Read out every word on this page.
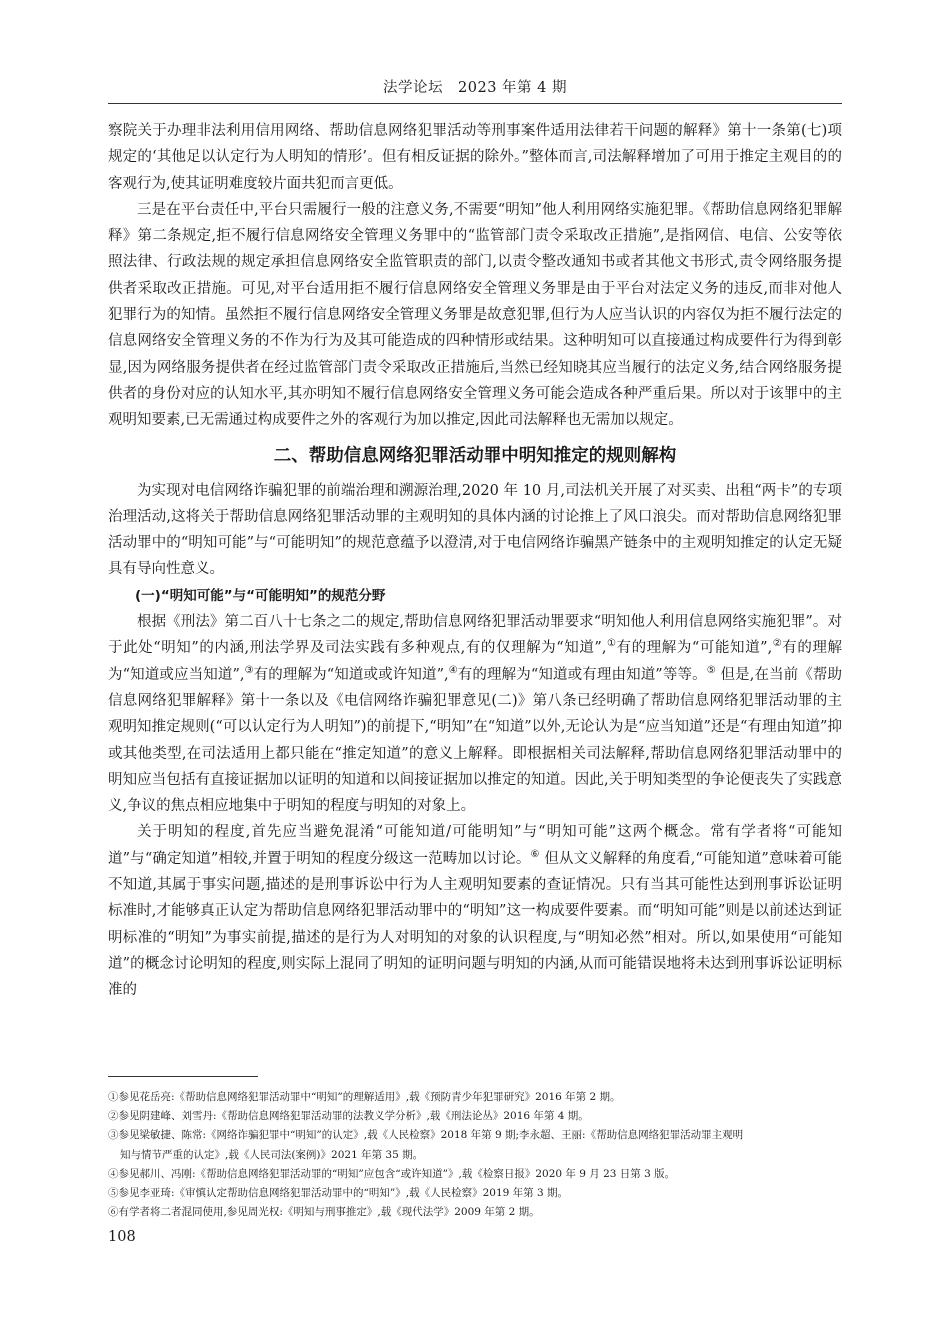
法学论坛　2023 年第 4 期

察院关于办理非法利用信用网络、帮助信息网络犯罪活动等刑事案件适用法律若干问题的解释》第十一条第(七)项规定的‘其他足以认定行为人明知的情形’。但有相反证据的除外。”整体而言,司法解释增加了可用于推定主观目的的客观行为,使其证明难度较片面共犯而言更低。

三是在平台责任中,平台只需履行一般的注意义务,不需要“明知”他人利用网络实施犯罪。《帮助信息网络犯罪解释》第二条规定,拒不履行信息网络安全管理义务罪中的“监管部门责令采取改正措施”,是指网信、电信、公安等依照法律、行政法规的规定承担信息网络安全监管职责的部门,以责令整改通知书或者其他文书形式,责令网络服务提供者采取改正措施。可见,对平台适用拒不履行信息网络安全管理义务罪是由于平台对法定义务的违反,而非对他人犯罪行为的知情。虽然拒不履行信息网络安全管理义务罪是故意犯罪,但行为人应当认识的内容仅为拒不履行法定的信息网络安全管理义务的不作为行为及其可能造成的四种情形或结果。这种明知可以直接通过构成要件行为得到彰显,因为网络服务提供者在经过监管部门责令采取改正措施后,当然已经知晓其应当履行的法定义务,结合网络服务提供者的身份对应的认知水平,其亦明知不履行信息网络安全管理义务可能会造成各种严重后果。所以对于该罪中的主观明知要素,已无需通过构成要件之外的客观行为加以推定,因此司法解释也无需加以规定。

二、帮助信息网络犯罪活动罪中明知推定的规则解构

为实现对电信网络诈骗犯罪的前端治理和溯源治理,2020 年 10 月,司法机关开展了对买卖、出租“两卡”的专项治理活动,这将关于帮助信息网络犯罪活动罪的主观明知的具体内涵的讨论推上了风口浪尖。而对帮助信息网络犯罪活动罪中的“明知可能”与“可能明知”的规范意蕴予以澄清,对于电信网络诈骗黑产链条中的主观明知推定的认定无疑具有导向性意义。

(一)“明知可能”与“可能明知”的规范分野

根据《刑法》第二百八十七条之二的规定,帮助信息网络犯罪活动罪要求“明知他人利用信息网络实施犯罪”。对于此处“明知”的内涵,刑法学界及司法实践有多种观点,有的仅理解为“知道”,①有的理解为“可能知道”,②有的理解为“知道或应当知道”,③有的理解为“知道或或许知道”,④有的理解为“知道或有理由知道”等等。⑤ 但是,在当前《帮助信息网络犯罪解释》第十一条以及《电信网络诈骗犯罪意见(二)》第八条已经明确了帮助信息网络犯罪活动罪的主观明知推定规则(“可以认定行为人明知”)的前提下,“明知”在“知道”以外,无论认为是“应当知道”还是“有理由知道”抑或其他类型,在司法适用上都只能在“推定知道”的意义上解释。即根据相关司法解释,帮助信息网络犯罪活动罪中的明知应当包括有直接证据加以证明的知道和以间接证据加以推定的知道。因此,关于明知类型的争论便丧失了实践意义,争议的焦点相应地集中于明知的程度与明知的对象上。

关于明知的程度,首先应当避免混淆“可能知道/可能明知”与“明知可能”这两个概念。常有学者将“可能知道”与“确定知道”相较,并置于明知的程度分级这一范畴加以讨论。⑥ 但从文义解释的角度看,“可能知道”意味着可能不知道,其属于事实问题,描述的是刑事诉讼中行为人主观明知要素的查证情况。只有当其可能性达到刑事诉讼证明标准时,才能够真正认定为帮助信息网络犯罪活动罪中的“明知”这一构成要件要素。而“明知可能”则是以前述达到证明标准的“明知”为事实前提,描述的是行为人对明知的对象的认识程度,与“明知必然”相对。所以,如果使用“可能知道”的概念讨论明知的程度,则实际上混同了明知的证明问题与明知的内涵,从而可能错误地将未达到刑事诉讼证明标准的

①参见花岳亮:《帮助信息网络犯罪活动罪中“明知”的理解适用》,载《预防青少年犯罪研究》2016 年第 2 期。

②参见阴建峰、刘雪丹:《帮助信息网络犯罪活动罪的法教义学分析》,载《刑法论丛》2016 年第 4 期。

③参见梁敏捷、陈常:《网络诈骗犯罪中“明知”的认定》,载《人民检察》2018 年第 9 期;李永超、王丽:《帮助信息网络犯罪活动罪主观明

知与情节严重的认定》,载《人民司法(案例)》2021 年第 35 期。

④参见郝川、冯刚:《帮助信息网络犯罪活动罪的“明知”应包含“或许知道”》,载《检察日报》2020 年 9 月 23 日第 3 版。

⑤参见李亚琦:《审慎认定帮助信息网络犯罪活动罪中的“明知”》,载《人民检察》2019 年第 3 期。

⑥有学者将二者混同使用,参见周光权:《明知与刑事推定》,载《现代法学》2009 年第 2 期。

108
